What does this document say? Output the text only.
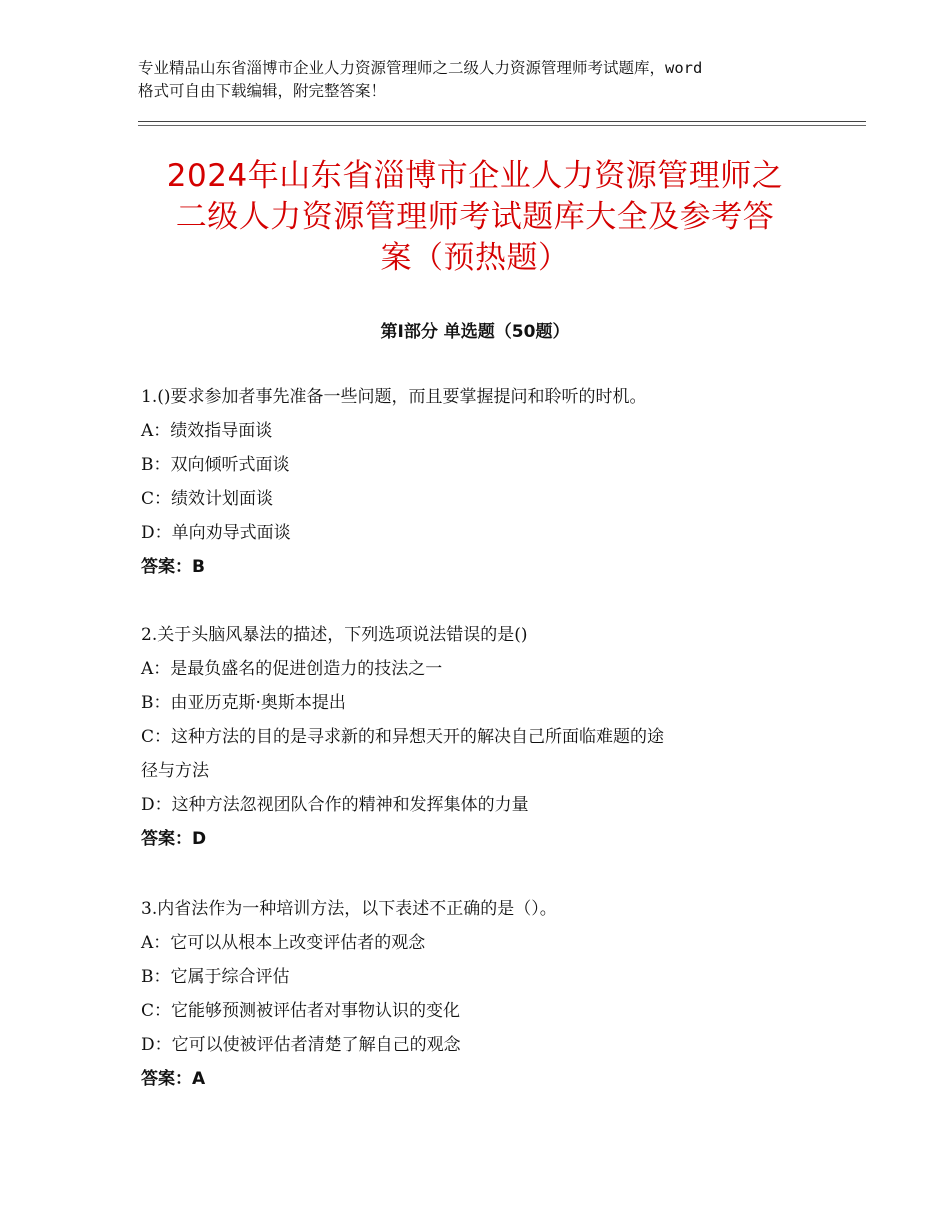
专业精品山东省淄博市企业人力资源管理师之二级人力资源管理师考试题库，word
格式可自由下载编辑，附完整答案！
2024年山东省淄博市企业人力资源管理师之
二级人力资源管理师考试题库大全及参考答
案（预热题）
第Ⅰ部分 单选题（50题）
1.()要求参加者事先准备一些问题，而且要掌握提问和聆听的时机。
A：绩效指导面谈
B：双向倾听式面谈
C：绩效计划面谈
D：单向劝导式面谈
答案：B
2.关于头脑风暴法的描述，下列选项说法错误的是()
A：是最负盛名的促进创造力的技法之一
B：由亚历克斯·奥斯本提出
C：这种方法的目的是寻求新的和异想天开的解决自己所面临难题的途
径与方法
D：这种方法忽视团队合作的精神和发挥集体的力量
答案：D
3.内省法作为一种培训方法，以下表述不正确的是（）。
A：它可以从根本上改变评估者的观念
B：它属于综合评估
C：它能够预测被评估者对事物认识的变化
D：它可以使被评估者清楚了解自己的观念
答案：A
